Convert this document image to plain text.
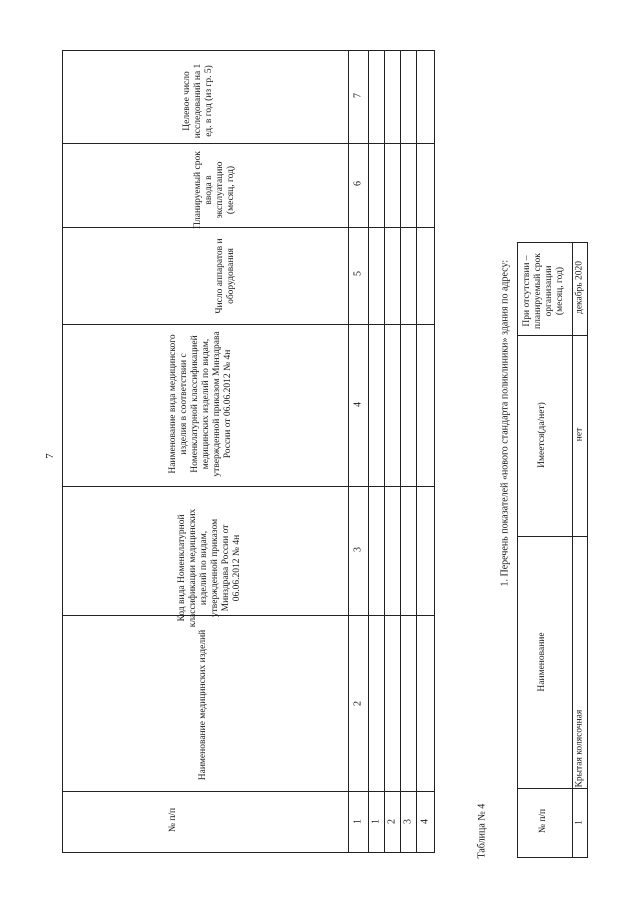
7
№ п/п
Наименование медицинских изделий
Код вида Номенклатурной классификации медицинских изделий по видам, утвержденной приказом Минздрава России от 06.06.2012 № 4н
Наименование вида медицинского изделия в соответствии с Номенклатурной классификацией медицинских изделий по видам, утвержденной приказом Минздрава России от 06.06.2012 № 4н
Число аппаратов и оборудования
Планируемый срок ввода в эксплуатацию (месяц, год)
Целевое число исследований на 1 ед. в год (из гр. 5)
1
2
3
4
5
6
7
1 2 3 4	Таблица № 4
1. Перечень показателей «нового стандарта поликлиники» здания по адресу:
№ п/п
Наименование
Имеется(да/нет)
При отсутствии – планируемый срок организации (месяц, год)
1
Крытая колясочная
нет
декабрь 2020
